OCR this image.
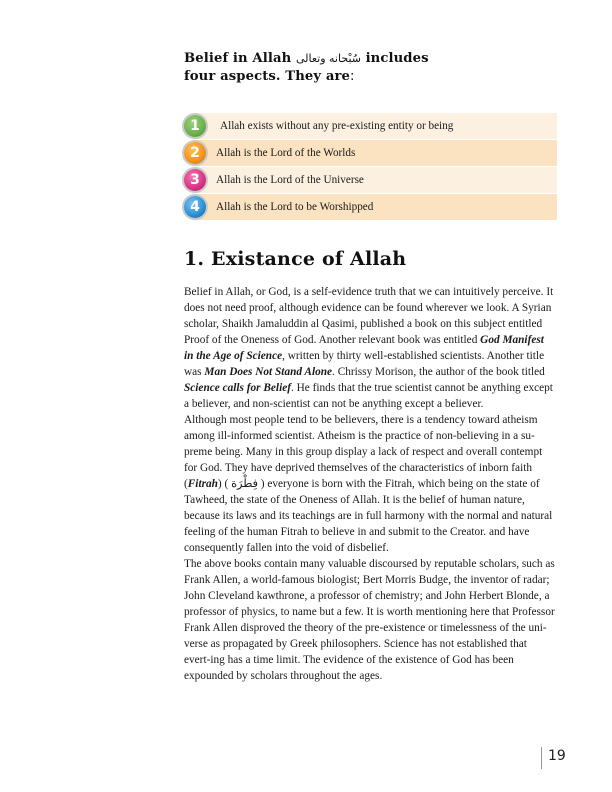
Belief in Allah سُبْحانه وتعالى includes
four aspects. They are:
1 Allah exists without any pre-existing entity or being
2 Allah is the Lord of the Worlds
3 Allah is the Lord of the Universe
4 Allah is the Lord to be Worshipped
1. Existance of Allah

Belief in Allah, or God, is a self-evidence truth that we can intuitively perceive. It does not need proof, although evidence can be found wherever we look. A Syrian scholar, Shaikh Jamaluddin al Qasimi, published a book on this subject entitled Proof of the Oneness of God. Another relevant book was entitled God Manifest in the Age of Science, written by thirty well-established scientists. Another title was Man Does Not Stand Alone. Chrissy Morison, the author of the book titled Science calls for Belief. He finds that the true scientist cannot be anything except a believer, and non-scientist can not be anything except a believer.

Although most people tend to be believers, there is a tendency toward atheism among ill-informed scientist. Atheism is the practice of non-believing in a su-preme being. Many in this group display a lack of respect and overall contempt for God. They have deprived themselves of the characteristics of inborn faith (Fitrah) ( فِطْرَة ) everyone is born with the Fitrah, which being on the state of Tawheed, the state of the Oneness of Allah. It is the belief of human nature, because its laws and its teachings are in full harmony with the normal and natural feeling of the human Fitrah to believe in and submit to the Creator. and have consequently fallen into the void of disbelief.

The above books contain many valuable discoursed by reputable scholars, such as Frank Allen, a world-famous biologist; Bert Morris Budge, the inventor of radar; John Cleveland kawthrone, a professor of chemistry; and John Herbert Blonde, a professor of physics, to name but a few. It is worth mentioning here that Professor Frank Allen disproved the theory of the pre-existence or timelessness of the uni-verse as propagated by Greek philosophers. Science has not established that evert-ing has a time limit. The evidence of the existence of God has been expounded by scholars throughout the ages.

19
